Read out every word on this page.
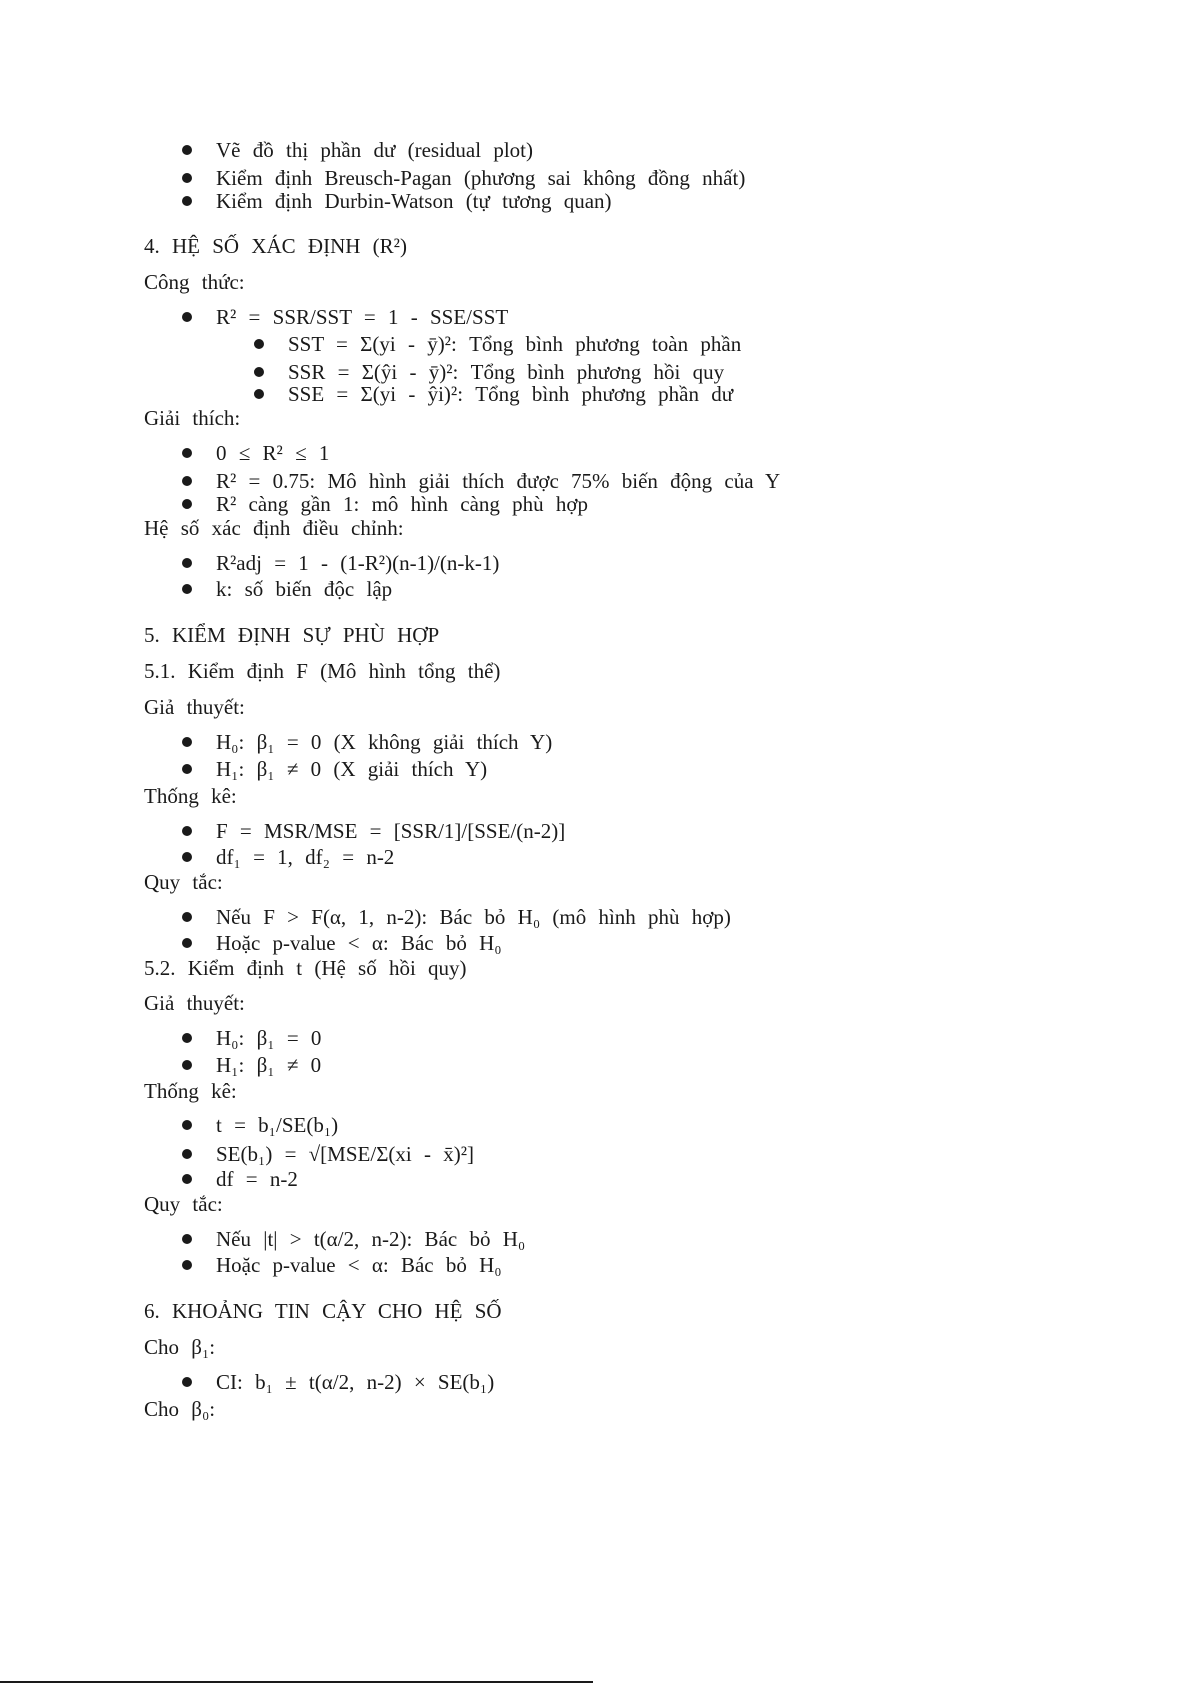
Vẽ đồ thị phần dư (residual plot)
Kiểm định Breusch-Pagan (phương sai không đồng nhất)
Kiểm định Durbin-Watson (tự tương quan)
4. HỆ SỐ XÁC ĐỊNH (R²)
Công thức:
R² = SSR/SST = 1 - SSE/SST
SST = Σ(yi - ȳ)²: Tổng bình phương toàn phần
SSR = Σ(ŷi - ȳ)²: Tổng bình phương hồi quy
SSE = Σ(yi - ŷi)²: Tổng bình phương phần dư
Giải thích:
0 ≤ R² ≤ 1
R² = 0.75: Mô hình giải thích được 75% biến động của Y
R² càng gần 1: mô hình càng phù hợp
Hệ số xác định điều chỉnh:
R²adj = 1 - (1-R²)(n-1)/(n-k-1)
k: số biến độc lập
5. KIỂM ĐỊNH SỰ PHÙ HỢP
5.1. Kiểm định F (Mô hình tổng thể)
Giả thuyết:
H₀: β₁ = 0 (X không giải thích Y)
H₁: β₁ ≠ 0 (X giải thích Y)
Thống kê:
F = MSR/MSE = [SSR/1]/[SSE/(n-2)]
df₁ = 1, df₂ = n-2
Quy tắc:
Nếu F > F(α, 1, n-2): Bác bỏ H₀ (mô hình phù hợp)
Hoặc p-value < α: Bác bỏ H₀
5.2. Kiểm định t (Hệ số hồi quy)
Giả thuyết:
H₀: β₁ = 0
H₁: β₁ ≠ 0
Thống kê:
t = b₁/SE(b₁)
SE(b₁) = √[MSE/Σ(xi - x̄)²]
df = n-2
Quy tắc:
Nếu |t| > t(α/2, n-2): Bác bỏ H₀
Hoặc p-value < α: Bác bỏ H₀
6. KHOẢNG TIN CẬY CHO HỆ SỐ
Cho β₁:
CI: b₁ ± t(α/2, n-2) × SE(b₁)
Cho β₀:
